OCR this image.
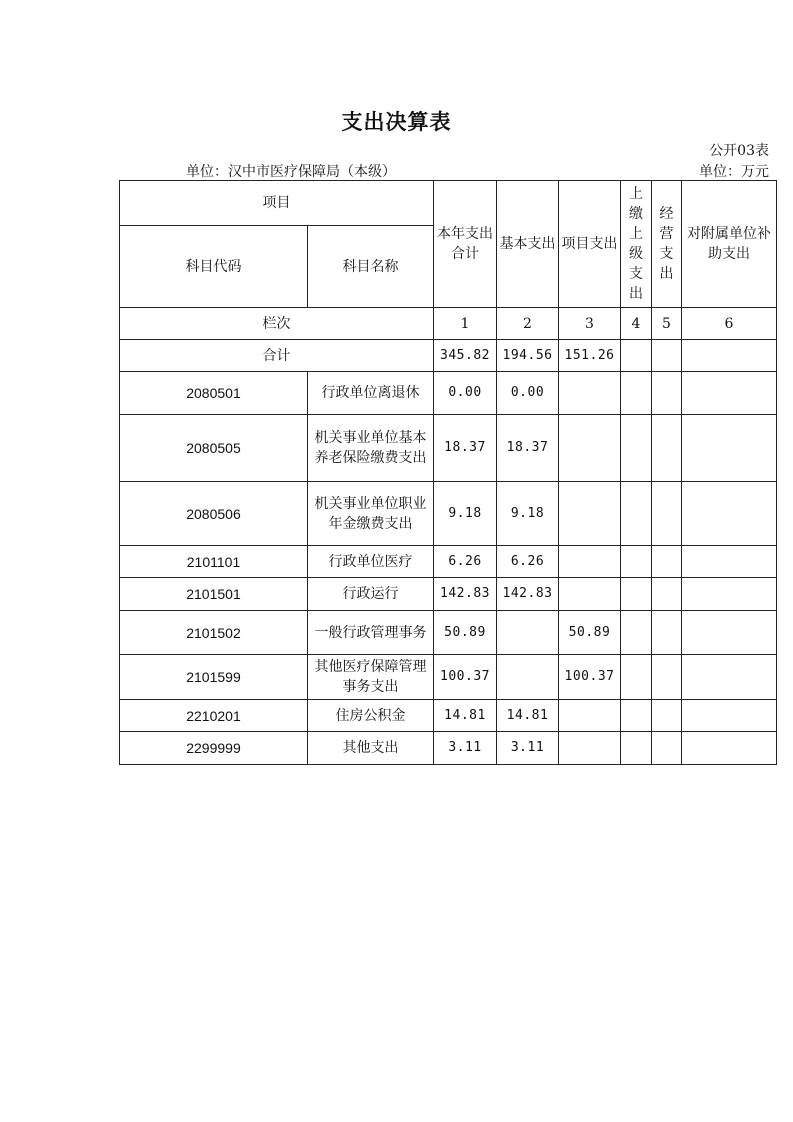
支出决算表
公开03表
单位：汉中市医疗保障局（本级）	单位：万元
项目		本年支出合计	基本支出	项目支出	上缴上级支出	经营支出	对附属单位补助支出
科目代码	科目名称						
栏次		1	2	3	4	5	6
合计		345.82	194.56	151.26			
2080501	行政单位离退休	0.00	0.00				
2080505	机关事业单位基本养老保险缴费支出	18.37	18.37				
2080506	机关事业单位职业年金缴费支出	9.18	9.18				
2101101	行政单位医疗	6.26	6.26				
2101501	行政运行	142.83	142.83				
2101502	一般行政管理事务	50.89		50.89			
2101599	其他医疗保障管理事务支出	100.37		100.37			
2210201	住房公积金	14.81	14.81				
2299999	其他支出	3.11	3.11				
